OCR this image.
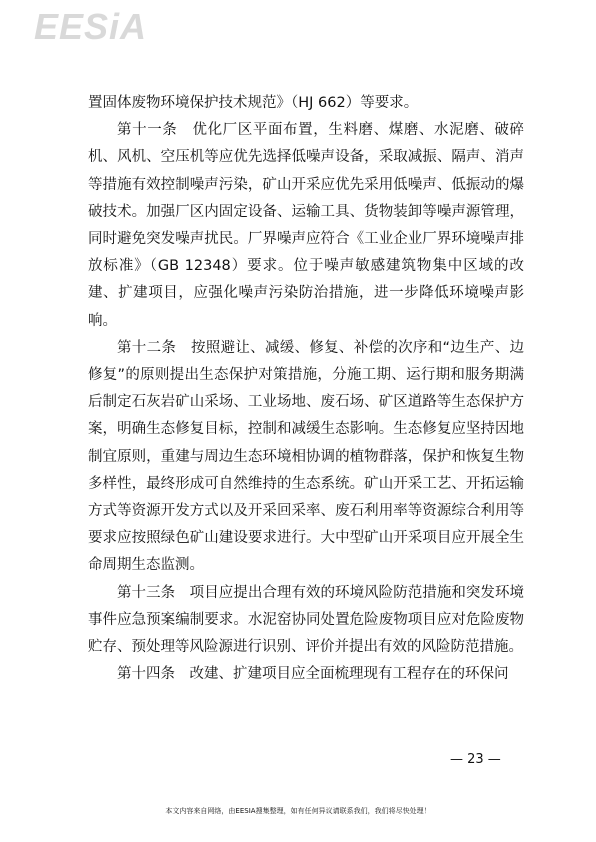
EESiA

置固体废物环境保护技术规范》（HJ 662）等要求。

第十一条　优化厂区平面布置，生料磨、煤磨、水泥磨、破碎机、风机、空压机等应优先选择低噪声设备，采取减振、隔声、消声等措施有效控制噪声污染，矿山开采应优先采用低噪声、低振动的爆破技术。加强厂区内固定设备、运输工具、货物装卸等噪声源管理，同时避免突发噪声扰民。厂界噪声应符合《工业企业厂界环境噪声排放标准》（GB 12348）要求。位于噪声敏感建筑物集中区域的改建、扩建项目，应强化噪声污染防治措施，进一步降低环境噪声影响。

第十二条　按照避让、减缓、修复、补偿的次序和“边生产、边修复”的原则提出生态保护对策措施，分施工期、运行期和服务期满后制定石灰岩矿山采场、工业场地、废石场、矿区道路等生态保护方案，明确生态修复目标，控制和减缓生态影响。生态修复应坚持因地制宜原则，重建与周边生态环境相协调的植物群落，保护和恢复生物多样性，最终形成可自然维持的生态系统。矿山开采工艺、开拓运输方式等资源开发方式以及开采回采率、废石利用率等资源综合利用等要求应按照绿色矿山建设要求进行。大中型矿山开采项目应开展全生命周期生态监测。

第十三条　项目应提出合理有效的环境风险防范措施和突发环境事件应急预案编制要求。水泥窑协同处置危险废物项目应对危险废物贮存、预处理等风险源进行识别、评价并提出有效的风险防范措施。

第十四条　改建、扩建项目应全面梳理现有工程存在的环保问

— 23 —
本文内容来自网络，由EESIA搜集整理，如有任何异议请联系我们，我们将尽快处理！
